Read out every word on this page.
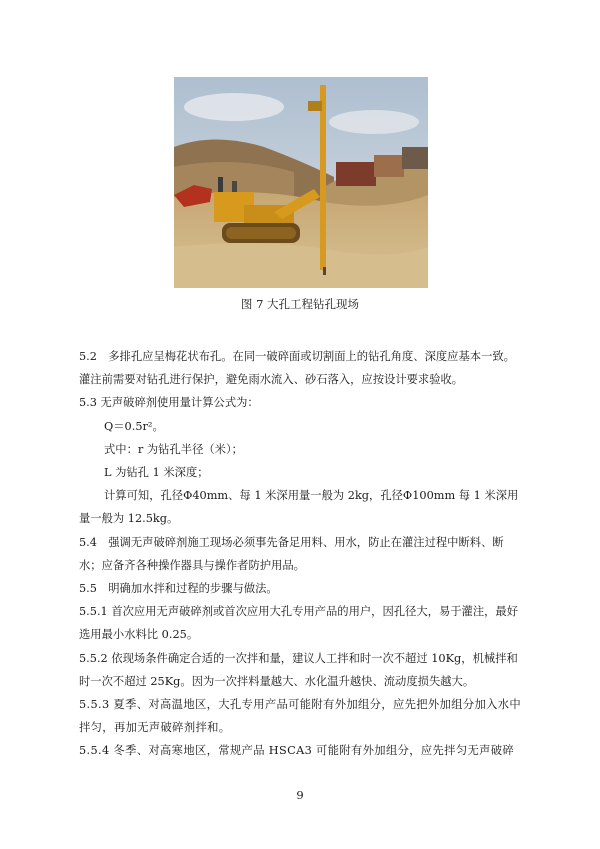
图 7 大孔工程钻孔现场

5.2　多排孔应呈梅花状布孔。在同一破碎面或切割面上的钻孔角度、深度应基本一致。灌注前需要对钻孔进行保护，避免雨水流入、砂石落入，应按设计要求验收。

5.3 无声破碎剂使用量计算公式为：

Q＝0.5r²。

式中：r 为钻孔半径（米）；

L 为钻孔 1 米深度；

计算可知，孔径Φ40mm、每 1 米深用量一般为 2kg，孔径Φ100mm 每 1 米深用量一般为 12.5kg。

5.4　强调无声破碎剂施工现场必须事先备足用料、用水，防止在灌注过程中断料、断水；应备齐各种操作器具与操作者防护用品。

5.5　明确加水拌和过程的步骤与做法。

5.5.1 首次应用无声破碎剂或首次应用大孔专用产品的用户，因孔径大，易于灌注，最好选用最小水料比 0.25。

5.5.2 依现场条件确定合适的一次拌和量，建议人工拌和时一次不超过 10Kg，机械拌和时一次不超过 25Kg。因为一次拌料量越大、水化温升越快、流动度损失越大。

5.5.3 夏季、对高温地区，大孔专用产品可能附有外加组分，应先把外加组分加入水中拌匀，再加无声破碎剂拌和。

5.5.4 冬季、对高寒地区，常规产品 HSCA3 可能附有外加组分，应先拌匀无声破碎

9
